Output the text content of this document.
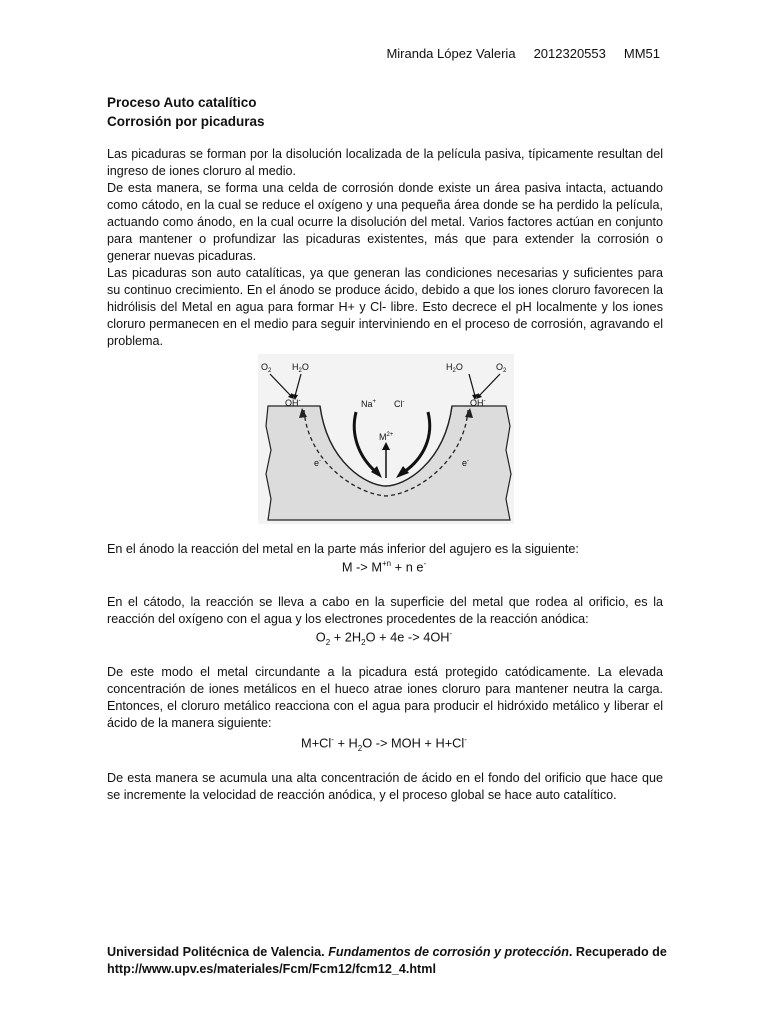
Miranda López Valeria 2012320553 MM51
Proceso Auto catalítico
Corrosión por picaduras

Las picaduras se forman por la disolución localizada de la película pasiva, típicamente resultan del ingreso de iones cloruro al medio.

De esta manera, se forma una celda de corrosión donde existe un área pasiva intacta, actuando como cátodo, en la cual se reduce el oxígeno y una pequeña área donde se ha perdido la película, actuando como ánodo, en la cual ocurre la disolución del metal. Varios factores actúan en conjunto para mantener o profundizar las picaduras existentes, más que para extender la corrosión o generar nuevas picaduras.

Las picaduras son auto catalíticas, ya que generan las condiciones necesarias y suficientes para su continuo crecimiento. En el ánodo se produce ácido, debido a que los iones cloruro favorecen la hidrólisis del Metal en agua para formar H+ y Cl- libre. Esto decrece el pH localmente y los iones cloruro permanecen en el medio para seguir interviniendo en el proceso de corrosión, agravando el problema.

$O_2$ $H_2O$
OH-	Na+ Cl-
$H_2O$	$O_2$
OH-
$M^{2+}$
e-	e-

En el ánodo la reacción del metal en la parte más inferior del agujero es la siguiente:

$M -> M^{+n} + n$ e-

En el cátodo, la reacción se lleva a cabo en la superficie del metal que rodea al orificio, es la reacción del oxígeno con el agua y los electrones procedentes de la reacción anódica:

$O_2 + 2H_2O + 4e -> 4OH^-$

De este modo el metal circundante a la picadura está protegido catódicamente. La elevada concentración de iones metálicos en el hueco atrae iones cloruro para mantener neutra la carga. Entonces, el cloruro metálico reacciona con el agua para producir el hidróxido metálico y liberar el ácido de la manera siguiente:

$M+Cl^- + H_2O$ -> MOH + H+Cl-

De esta manera se acumula una alta concentración de ácido en el fondo del orificio que hace que se incremente la velocidad de reacción anódica, y el proceso global se hace auto catalítico.

Universidad Politécnica de Valencia. Fundamentos de corrosión y protección. Recuperado de http://www.upv.es/materiales/Fcm/Fcm12/fcm12_4.html
